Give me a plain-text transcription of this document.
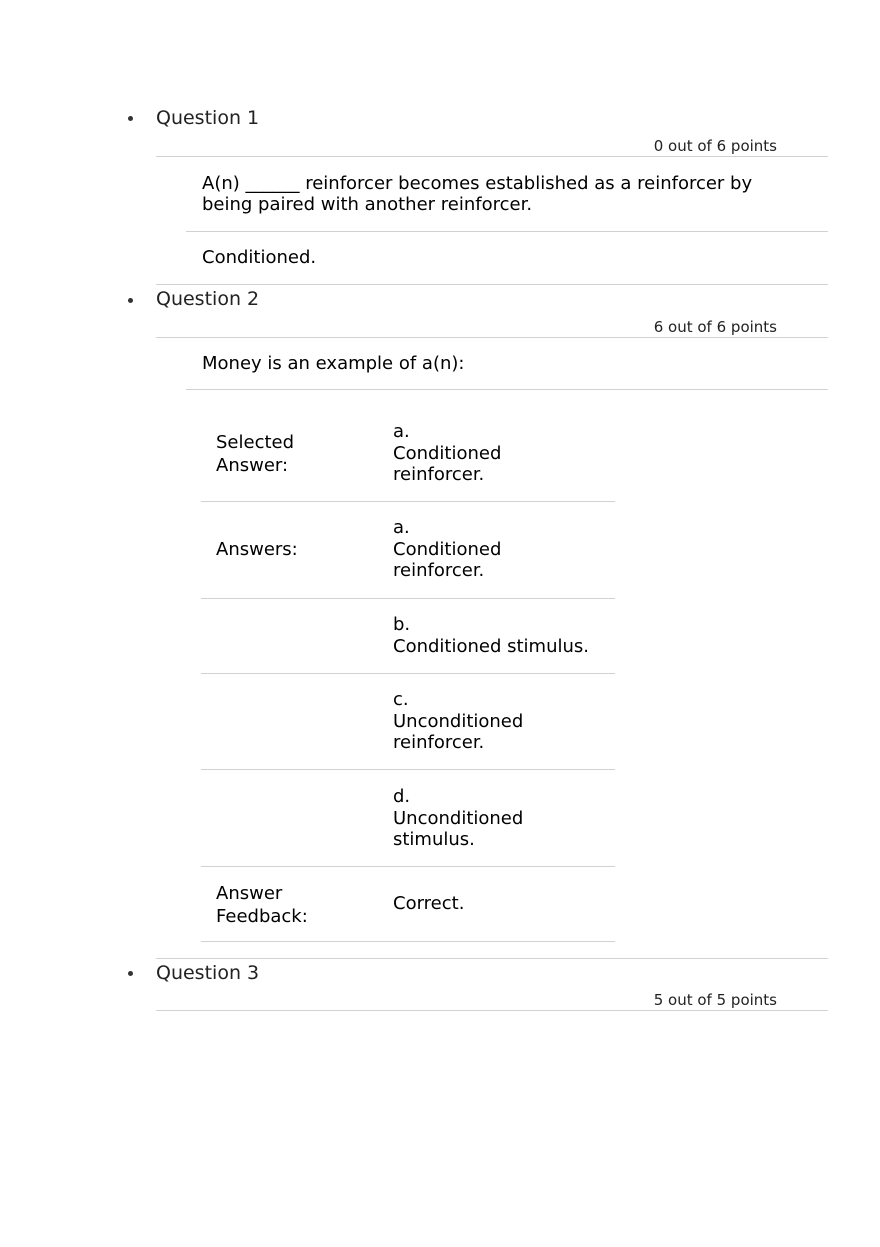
Question 1
0 out of 6 points
A(n) ______ reinforcer becomes established as a reinforcer by
being paired with another reinforcer.
Conditioned.
Question 2
6 out of 6 points
Money is an example of a(n):
Selected
Answer:
a.
Conditioned
reinforcer.
Answers:
a.
Conditioned
reinforcer.
b.
Conditioned stimulus.
c.
Unconditioned
reinforcer.
d.
Unconditioned
stimulus.
Answer
Feedback:
Correct.
Question 3
5 out of 5 points
